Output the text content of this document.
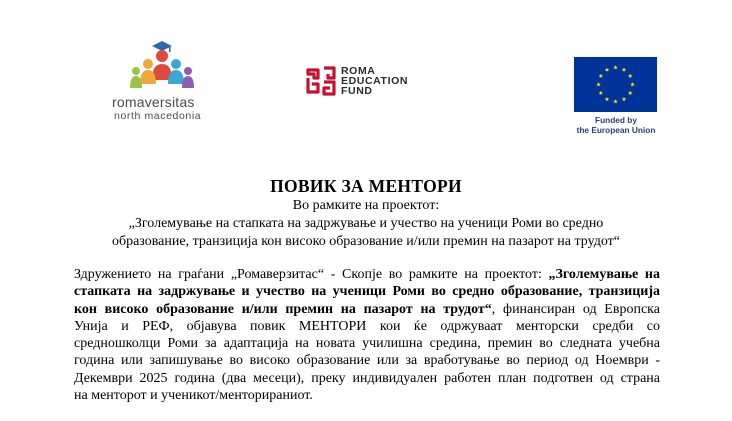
romaversitas
north macedonia
ROMA
EDUCATION
FUND
Funded by
the European Union
ПОВИК ЗА МЕНТОРИ
Во рамките на проектот:
„Зголемување на стапката на задржување и учество на ученици Роми во средно
образование, транзиција кон високо образование и/или премин на пазарот на трудот“
Здружението на граѓани „Ромаверзитас“ - Скопје во рамките на проектот: „Зголемување на
стапката на задржување и учество на ученици Роми во средно образование, транзиција
кон високо образование и/или премин на пазарот на трудот“, финансиран од Европска
Унија и РЕФ, објавува повик МЕНТОРИ кои ќе одржуваат менторски средби со
средношколци Роми за адаптација на новата училишна средина, премин во следната учебна
година или запишување во високо образование или за вработување во период од Ноември -
Декември 2025 година (два месеци), преку индивидуален работен план подготвен од страна
на менторот и ученикот/менторираниот.
